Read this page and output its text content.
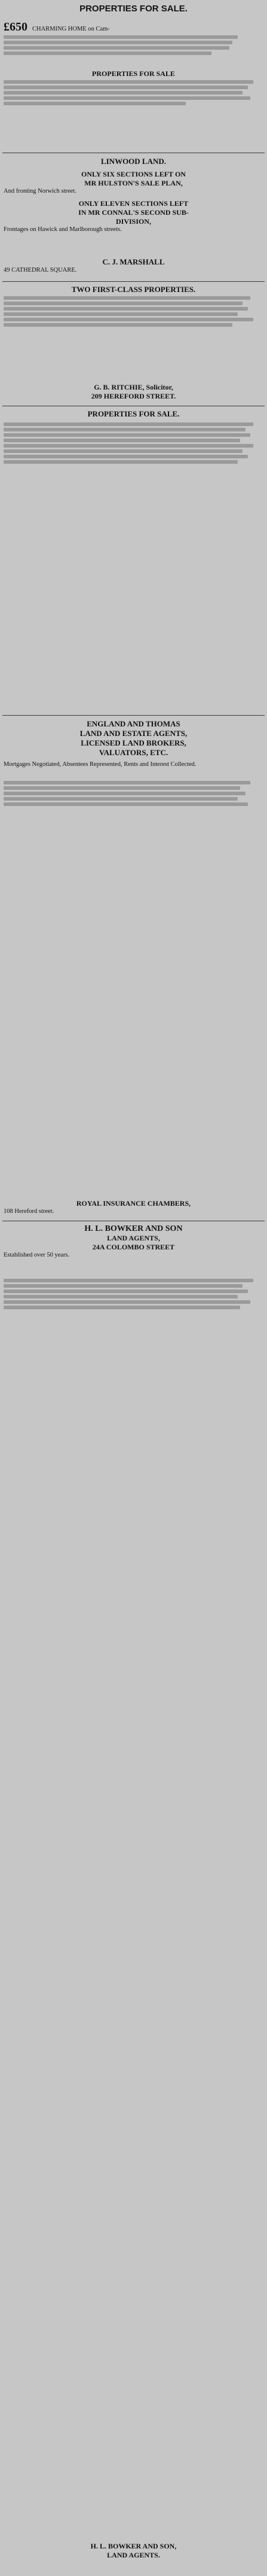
PROPERTIES FOR SALE.
£650 CHARMING HOME on Cam-
PROPERTIES FOR SALE
LINWOOD LAND.
ONLY SIX SECTIONS LEFT ON
MR HULSTON'S SALE PLAN,
And fronting Norwich street.
ONLY ELEVEN SECTIONS LEFT
IN MR CONNAL'S SECOND SUB-
DIVISION,
Frontages on Hawick and Marlborough streets.
C. J. MARSHALL
49 CATHEDRAL SQUARE.
TWO FIRST-CLASS PROPERTIES.
G. B. RITCHIE, Solicitor,
209 HEREFORD STREET.
PROPERTIES FOR SALE.
ENGLAND AND THOMAS
LAND AND ESTATE AGENTS,
LICENSED LAND BROKERS,
VALUATORS, ETC.
Mortgages Negotiated, Absentees Represented, Rents and Interest Collected.
ROYAL INSURANCE CHAMBERS,
108 Hereford street.
H. L. BOWKER AND SON
LAND AGENTS,
24A COLOMBO STREET
Established over 50 years.
H. L. BOWKER AND SON,
LAND AGENTS.
